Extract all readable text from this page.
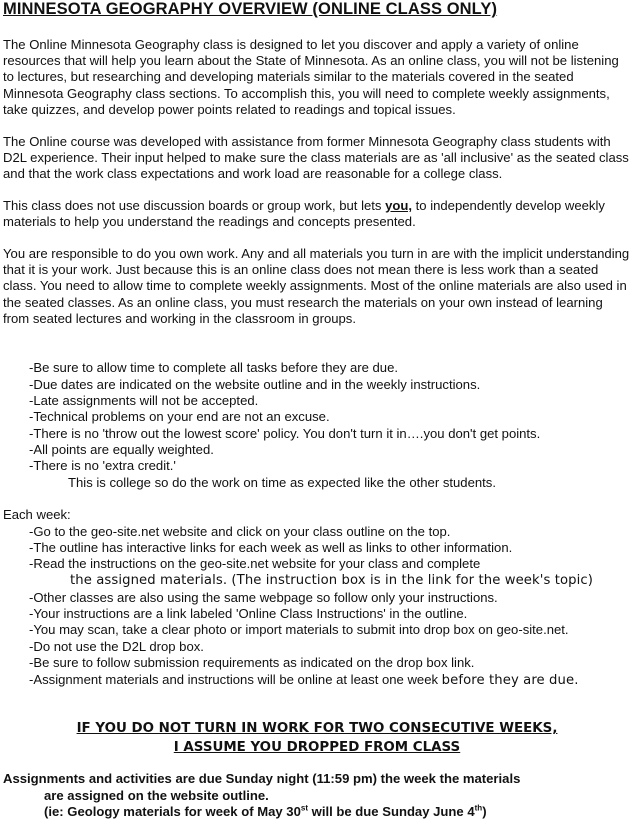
MINNESOTA GEOGRAPHY OVERVIEW (ONLINE CLASS ONLY)

The Online Minnesota Geography class is designed to let you discover and apply a variety of online resources that will help you learn about the State of Minnesota. As an online class, you will not be listening to lectures, but researching and developing materials similar to the materials covered in the seated Minnesota Geography class sections. To accomplish this, you will need to complete weekly assignments, take quizzes, and develop power points related to readings and topical issues.

The Online course was developed with assistance from former Minnesota Geography class students with D2L experience. Their input helped to make sure the class materials are as 'all inclusive' as the seated class and that the work class expectations and work load are reasonable for a college class.

This class does not use discussion boards or group work, but lets you, to independently develop weekly materials to help you understand the readings and concepts presented.

You are responsible to do you own work. Any and all materials you turn in are with the implicit understanding that it is your work. Just because this is an online class does not mean there is less work than a seated class. You need to allow time to complete weekly assignments. Most of the online materials are also used in the seated classes. As an online class, you must research the materials on your own instead of learning from seated lectures and working in the classroom in groups.

-Be sure to allow time to complete all tasks before they are due.
-Due dates are indicated on the website outline and in the weekly instructions.
-Late assignments will not be accepted.
-Technical problems on your end are not an excuse.
-There is no 'throw out the lowest score' policy. You don't turn it in….you don't get points.
-All points are equally weighted.
-There is no 'extra credit.'
This is college so do the work on time as expected like the other students.
Each week:
-Go to the geo-site.net website and click on your class outline on the top.
-The outline has interactive links for each week as well as links to other information.
-Read the instructions on the geo-site.net website for your class and complete
the assigned materials. (The instruction box is in the link for the week's topic)
-Other classes are also using the same webpage so follow only your instructions.
-Your instructions are a link labeled 'Online Class Instructions' in the outline.
-You may scan, take a clear photo or import materials to submit into drop box on geo-site.net.
-Do not use the D2L drop box.
-Be sure to follow submission requirements as indicated on the drop box link.
-Assignment materials and instructions will be online at least one week before they are due.
IF YOU DO NOT TURN IN WORK FOR TWO CONSECUTIVE WEEKS,
I ASSUME YOU DROPPED FROM CLASS
Assignments and activities are due Sunday night (11:59 pm) the week the materials
are assigned on the website outline.
(ie: Geology materials for week of May 30st will be due Sunday June 4th)
